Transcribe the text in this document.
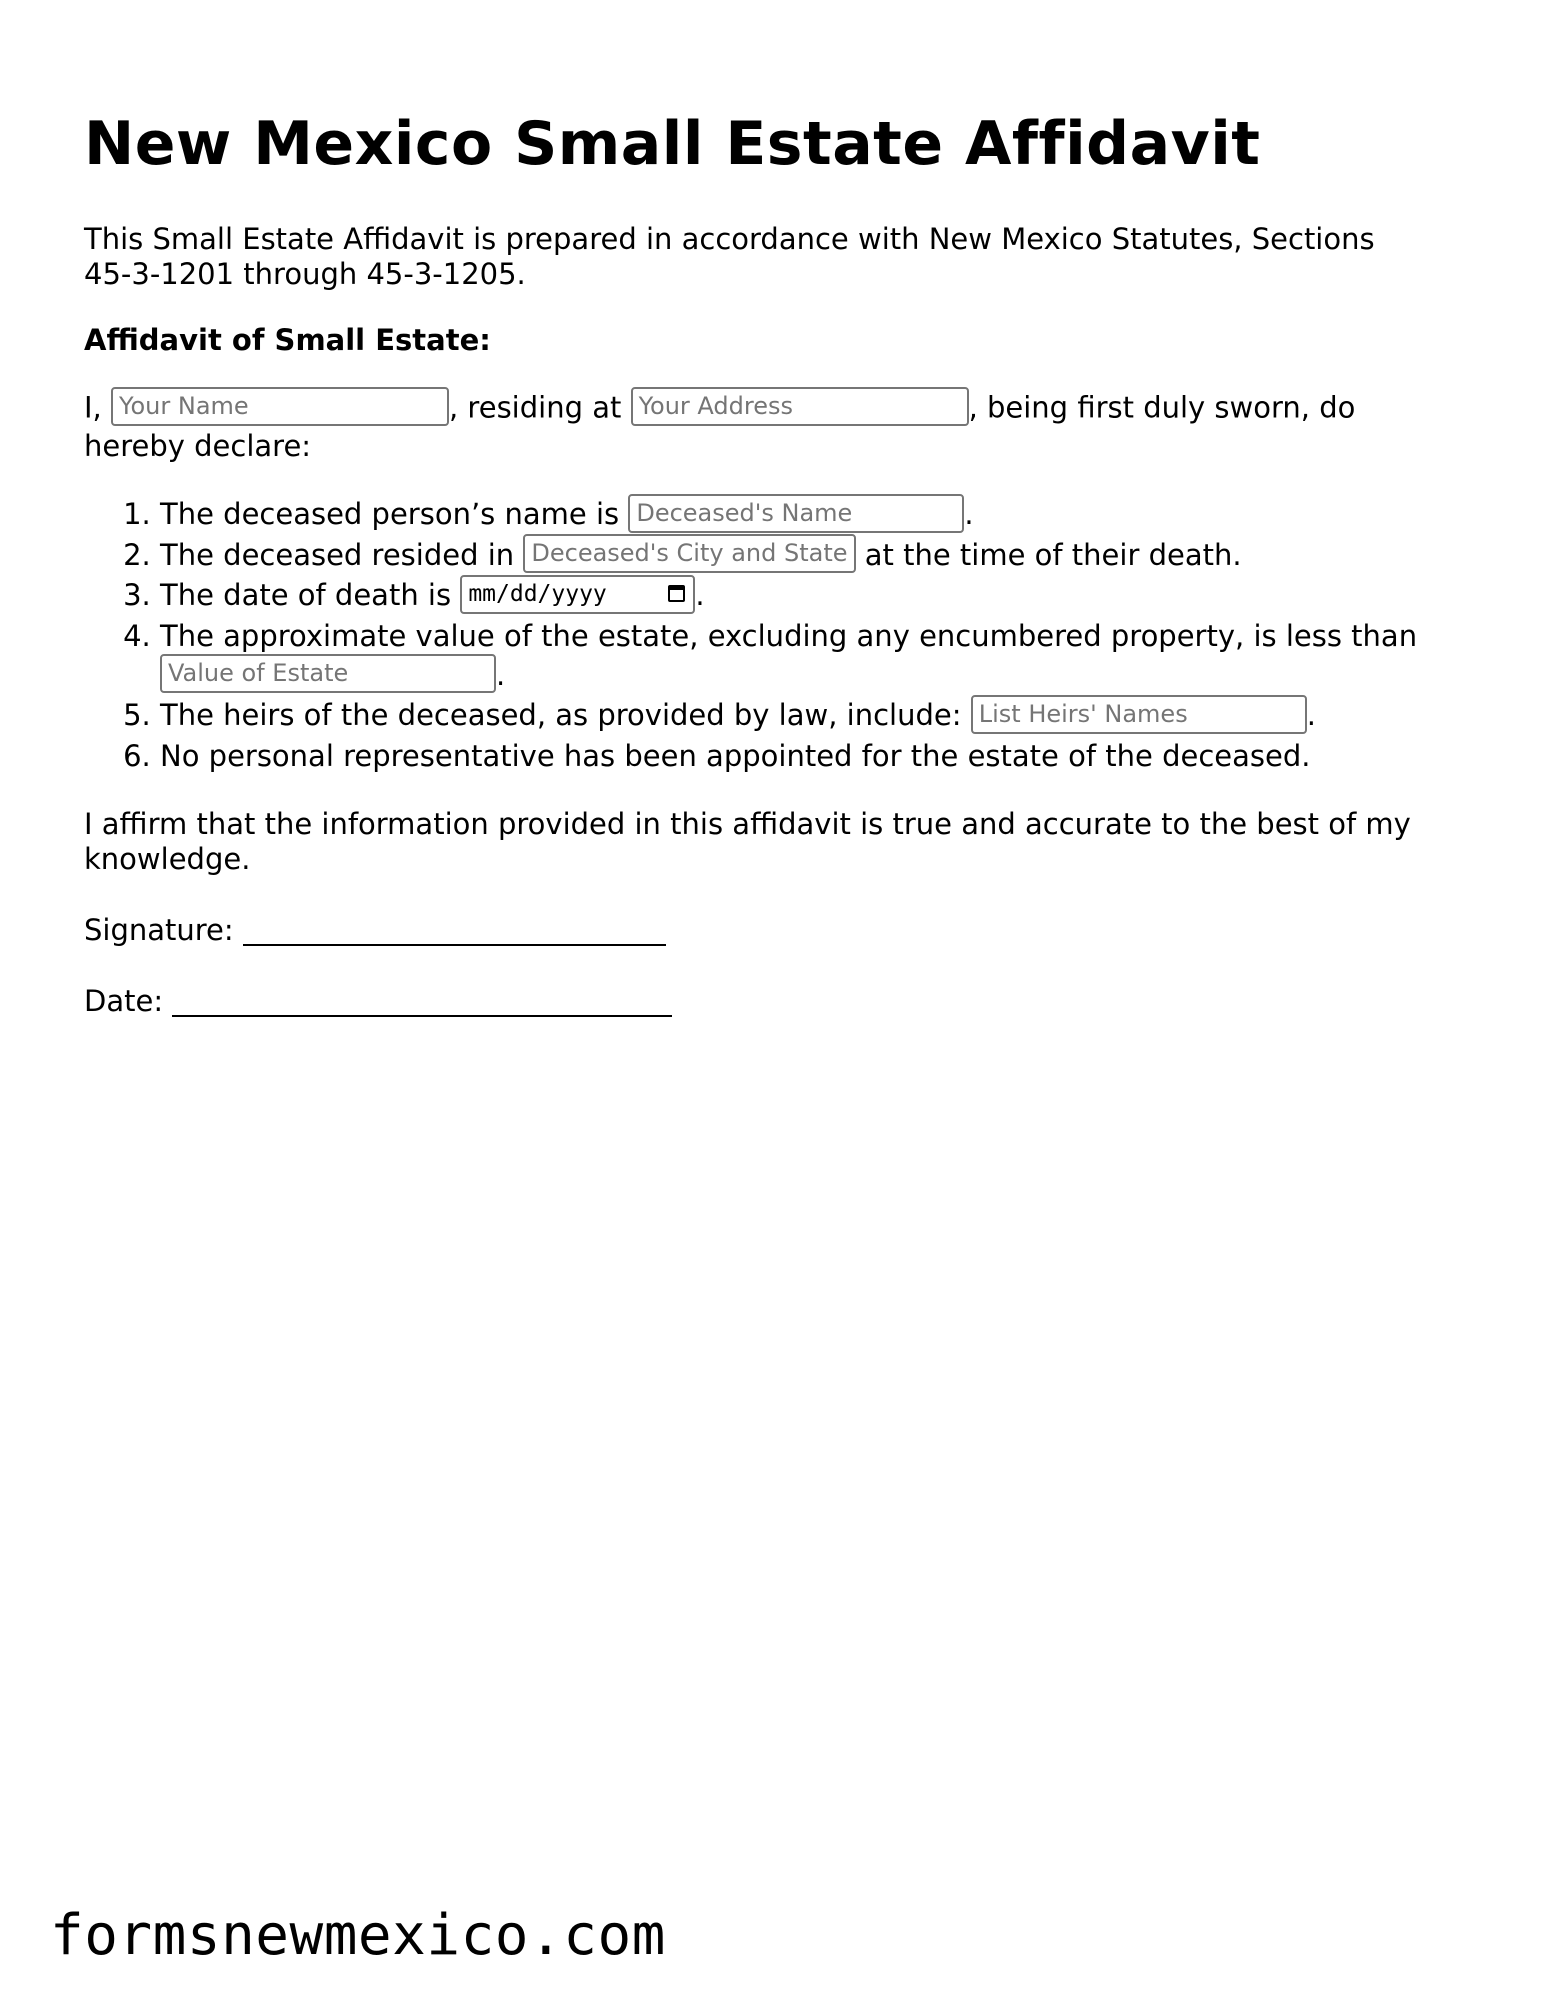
New Mexico Small Estate Affidavit

This Small Estate Affidavit is prepared in accordance with New Mexico Statutes, Sections 45-3-1201 through 45-3-1205.

Affidavit of Small Estate:

I, Your Name	, residing at Your Address	, being first duly sworn, do hereby declare:

1. The deceased person’s name is Deceased's Name	.
2. The deceased resided in Deceased's City and State at the time of their death.
3. The date of death is mm/dd/yyyy	.
4. The approximate value of the estate, excluding any encumbered property, is less than Value of Estate	.
5. The heirs of the deceased, as provided by law, include: List Heirs' Names	.
6. No personal representative has been appointed for the estate of the deceased.

I affirm that the information provided in this affidavit is true and accurate to the best of my knowledge.

Signature:

Date:

formsnewmexico.com
